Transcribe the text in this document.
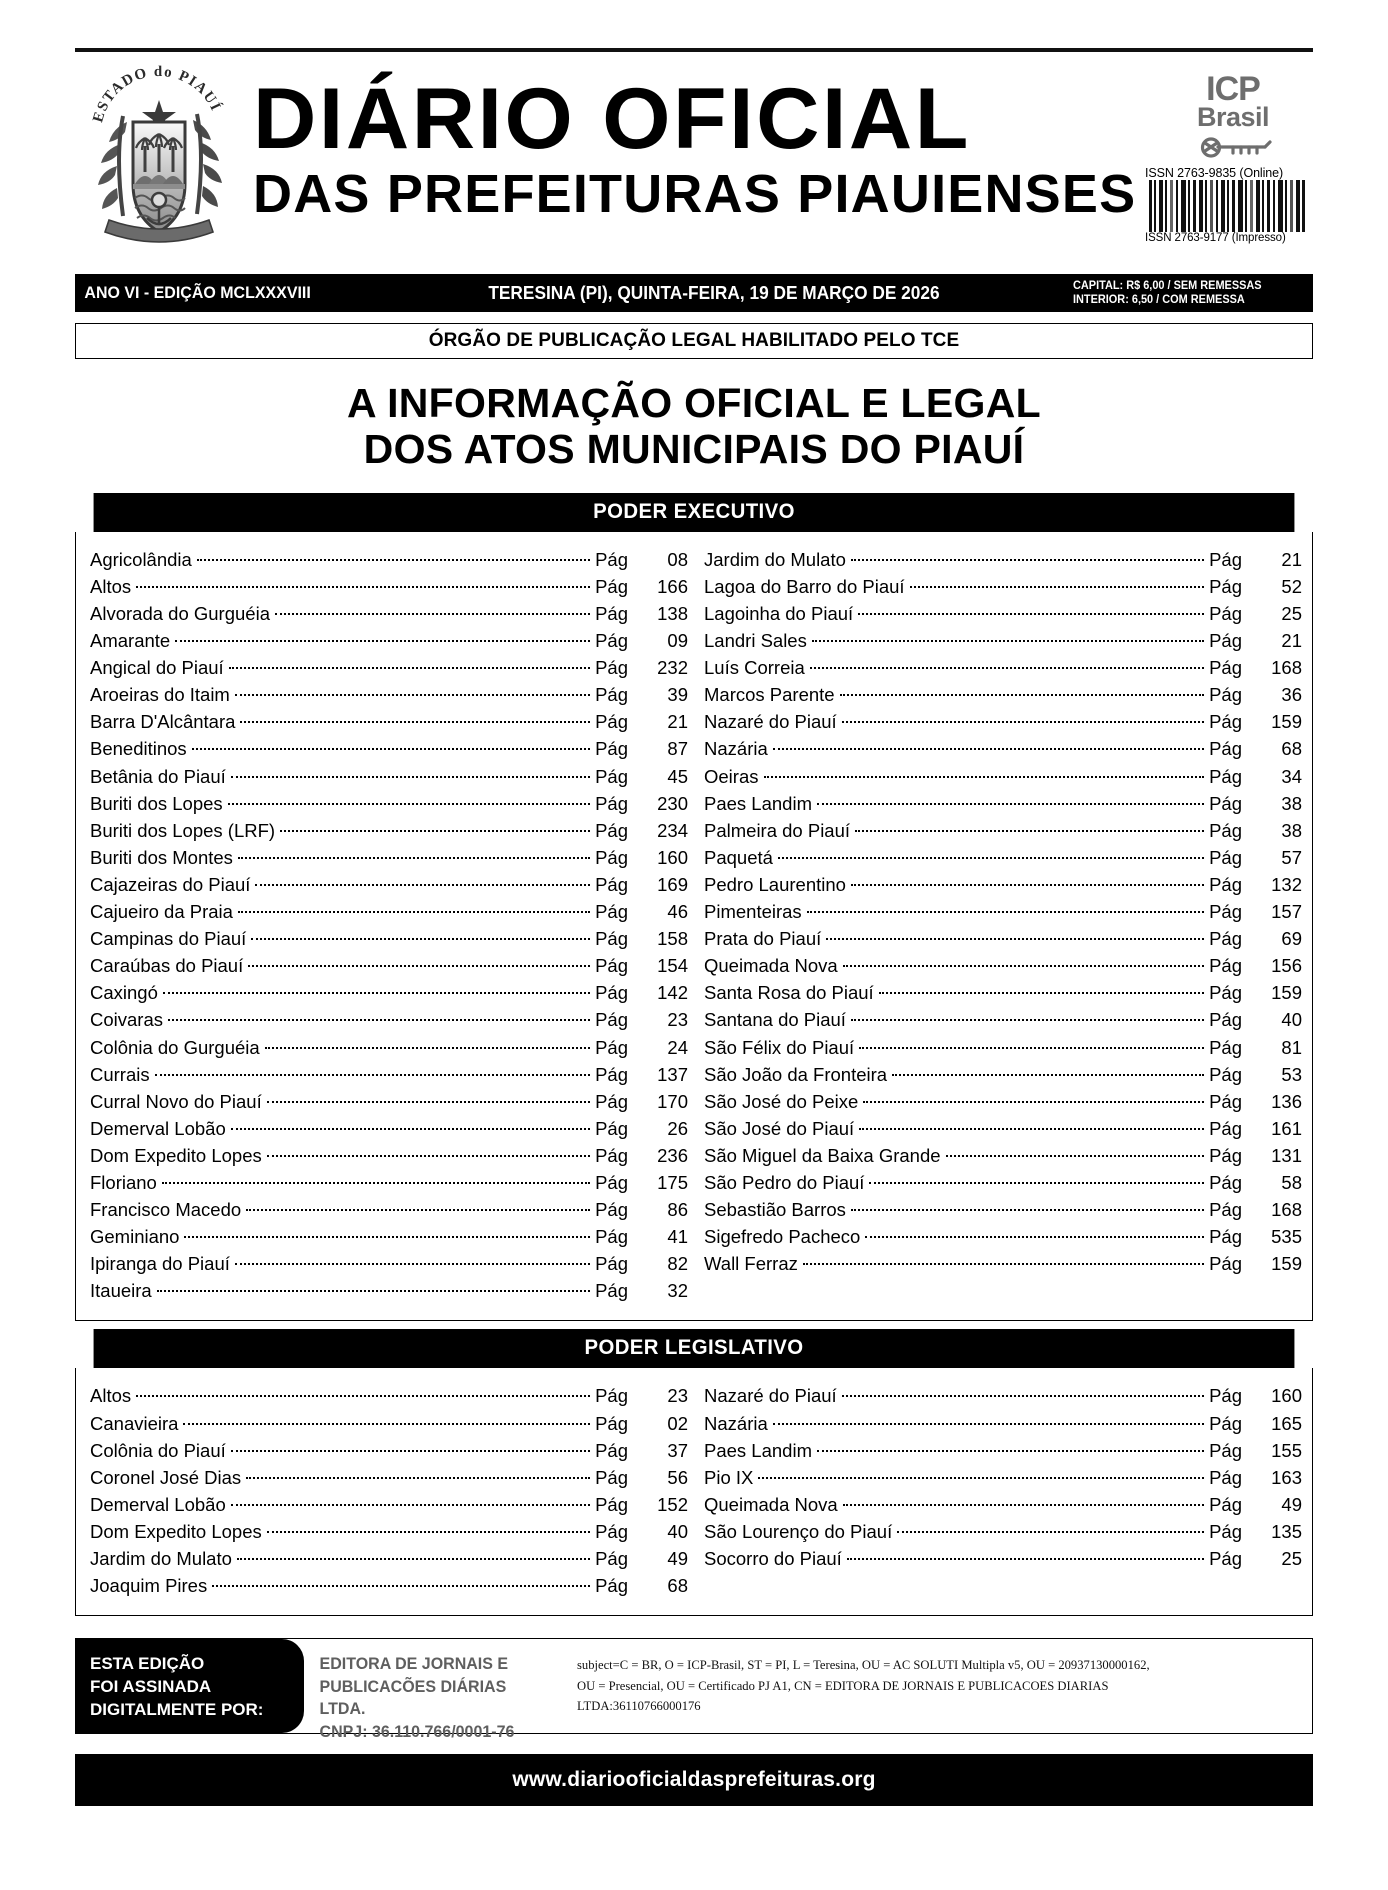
ESTADO do PIAUÍ DIÁRIO OFICIAL
DAS PREFEITURAS PIAUIENSES
ICP
Brasil
ISSN 2763-9835 (Online)
ISSN 2763-9177 (Impresso)
ANO VI - EDIÇÃO MCLXXXVIII	TERESINA (PI), QUINTA-FEIRA, 19 DE MARÇO DE 2026	CAPITAL: R$ 6,00 / SEM REMESSAS
INTERIOR: 6,50 / COM REMESSA
ÓRGÃO DE PUBLICAÇÃO LEGAL HABILITADO PELO TCE
A INFORMAÇÃO OFICIAL E LEGAL
DOS ATOS MUNICIPAIS DO PIAUÍ
PODER EXECUTIVO
Agricolândia	Pág	08
Altos	Pág	166
Alvorada do Gurguéia	Pág	138
Amarante	Pág	09
Angical do Piauí	Pág	232
Aroeiras do Itaim	Pág	39
Barra D'Alcântara	Pág	21
Beneditinos	Pág	87
Betânia do Piauí	Pág	45
Buriti dos Lopes	Pág	230
Buriti dos Lopes (LRF)	Pág	234
Buriti dos Montes	Pág	160
Cajazeiras do Piauí	Pág	169
Cajueiro da Praia	Pág	46
Campinas do Piauí	Pág	158
Caraúbas do Piauí	Pág	154
Caxingó	Pág	142
Coivaras	Pág	23
Colônia do Gurguéia	Pág	24
Currais	Pág	137
Curral Novo do Piauí	Pág	170
Demerval Lobão	Pág	26
Dom Expedito Lopes	Pág	236
Floriano	Pág	175
Francisco Macedo	Pág	86
Geminiano	Pág	41
Ipiranga do Piauí	Pág	82
Itaueira	Pág	32
Jardim do Mulato	Pág	21
Lagoa do Barro do Piauí	Pág	52
Lagoinha do Piauí	Pág	25
Landri Sales	Pág	21
Luís Correia	Pág	168
Marcos Parente	Pág	36
Nazaré do Piauí	Pág	159
Nazária	Pág	68
Oeiras	Pág	34
Paes Landim	Pág	38
Palmeira do Piauí	Pág	38
Paquetá	Pág	57
Pedro Laurentino	Pág	132
Pimenteiras	Pág	157
Prata do Piauí	Pág	69
Queimada Nova	Pág	156
Santa Rosa do Piauí	Pág	159
Santana do Piauí	Pág	40
São Félix do Piauí	Pág	81
São João da Fronteira	Pág	53
São José do Peixe	Pág	136
São José do Piauí	Pág	161
São Miguel da Baixa Grande	Pág	131
São Pedro do Piauí	Pág	58
Sebastião Barros	Pág	168
Sigefredo Pacheco	Pág	535
Wall Ferraz	Pág	159
PODER LEGISLATIVO
Altos	Pág	23
Canavieira	Pág	02
Colônia do Piauí	Pág	37
Coronel José Dias	Pág	56
Demerval Lobão	Pág	152
Dom Expedito Lopes	Pág	40
Jardim do Mulato	Pág	49
Joaquim Pires	Pág	68
Nazaré do Piauí	Pág	160
Nazária	Pág	165
Paes Landim	Pág	155
Pio IX	Pág	163
Queimada Nova	Pág	49
São Lourenço do Piauí	Pág	135
Socorro do Piauí	Pág	25
ESTA EDIÇÃO
FOI ASSINADA
DIGITALMENTE POR:
EDITORA DE JORNAIS E
PUBLICACÕES DIÁRIAS LTDA.
CNPJ: 36.110.766/0001-76
subject=C = BR, O = ICP-Brasil, ST = PI, L = Teresina, OU = AC SOLUTI Multipla v5, OU = 20937130000162,
OU = Presencial, OU = Certificado PJ A1, CN = EDITORA DE JORNAIS E PUBLICACOES DIARIAS
LTDA:36110766000176
www.diariooficialdasprefeituras.org
